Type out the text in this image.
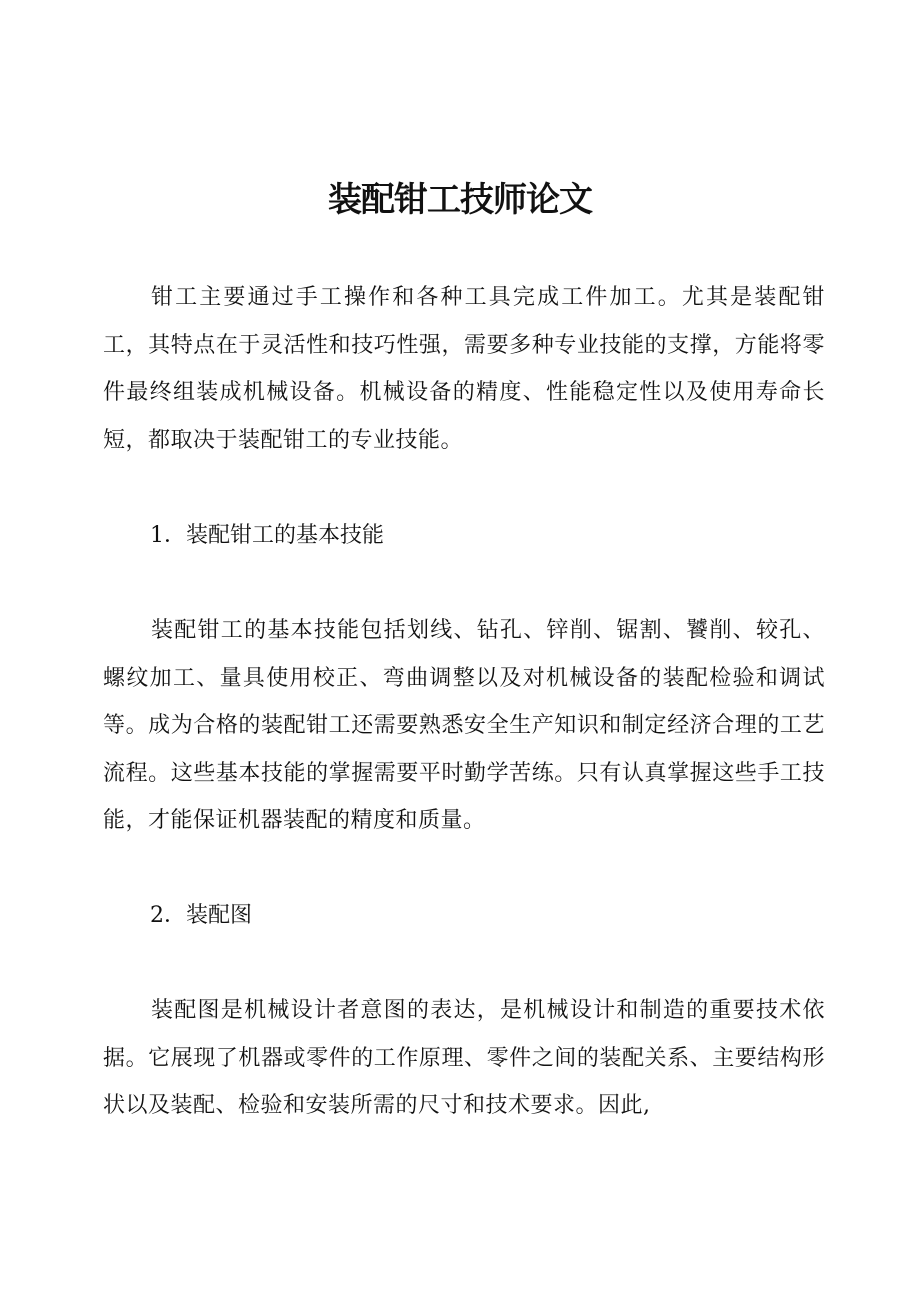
装配钳工技师论文

钳工主要通过手工操作和各种工具完成工件加工。尤其是装配钳工，其特点在于灵活性和技巧性强，需要多种专业技能的支撑，方能将零件最终组装成机械设备。机械设备的精度、性能稳定性以及使用寿命长短，都取决于装配钳工的专业技能。

1．装配钳工的基本技能

装配钳工的基本技能包括划线、钻孔、锌削、锯割、饕削、较孔、螺纹加工、量具使用校正、弯曲调整以及对机械设备的装配检验和调试等。成为合格的装配钳工还需要熟悉安全生产知识和制定经济合理的工艺流程。这些基本技能的掌握需要平时勤学苦练。只有认真掌握这些手工技能，才能保证机器装配的精度和质量。

2．装配图

装配图是机械设计者意图的表达，是机械设计和制造的重要技术依据。它展现了机器或零件的工作原理、零件之间的装配关系、主要结构形状以及装配、检验和安装所需的尺寸和技术要求。因此,
